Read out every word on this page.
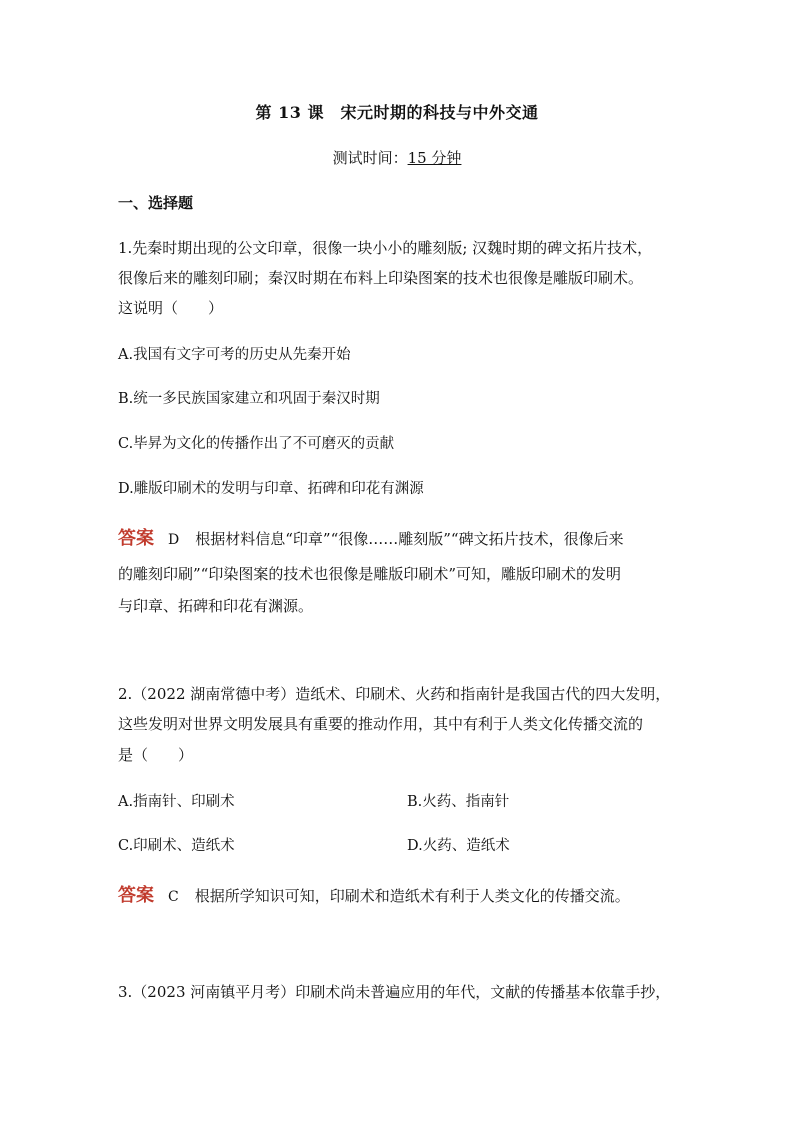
第 13 课　宋元时期的科技与中外交通
测试时间：15 分钟
一、选择题
1.先秦时期出现的公文印章，很像一块小小的雕刻版; 汉魏时期的碑文拓片技术，
很像后来的雕刻印刷；秦汉时期在布料上印染图案的技术也很像是雕版印刷术。
这说明（　　）
A.我国有文字可考的历史从先秦开始
B.统一多民族国家建立和巩固于秦汉时期
C.毕昇为文化的传播作出了不可磨灭的贡献
D.雕版印刷术的发明与印章、拓碑和印花有渊源
答案 D 根据材料信息“印章”“很像……雕刻版”“碑文拓片技术，很像后来
的雕刻印刷”“印染图案的技术也很像是雕版印刷术”可知，雕版印刷术的发明
与印章、拓碑和印花有渊源。
2.（2022 湖南常德中考）造纸术、印刷术、火药和指南针是我国古代的四大发明，
这些发明对世界文明发展具有重要的推动作用，其中有利于人类文化传播交流的
是（　　）
A.指南针、印刷术	B.火药、指南针
C.印刷术、造纸术	D.火药、造纸术
答案 C 根据所学知识可知，印刷术和造纸术有利于人类文化的传播交流。
3.（2023 河南镇平月考）印刷术尚未普遍应用的年代，文献的传播基本依靠手抄，
